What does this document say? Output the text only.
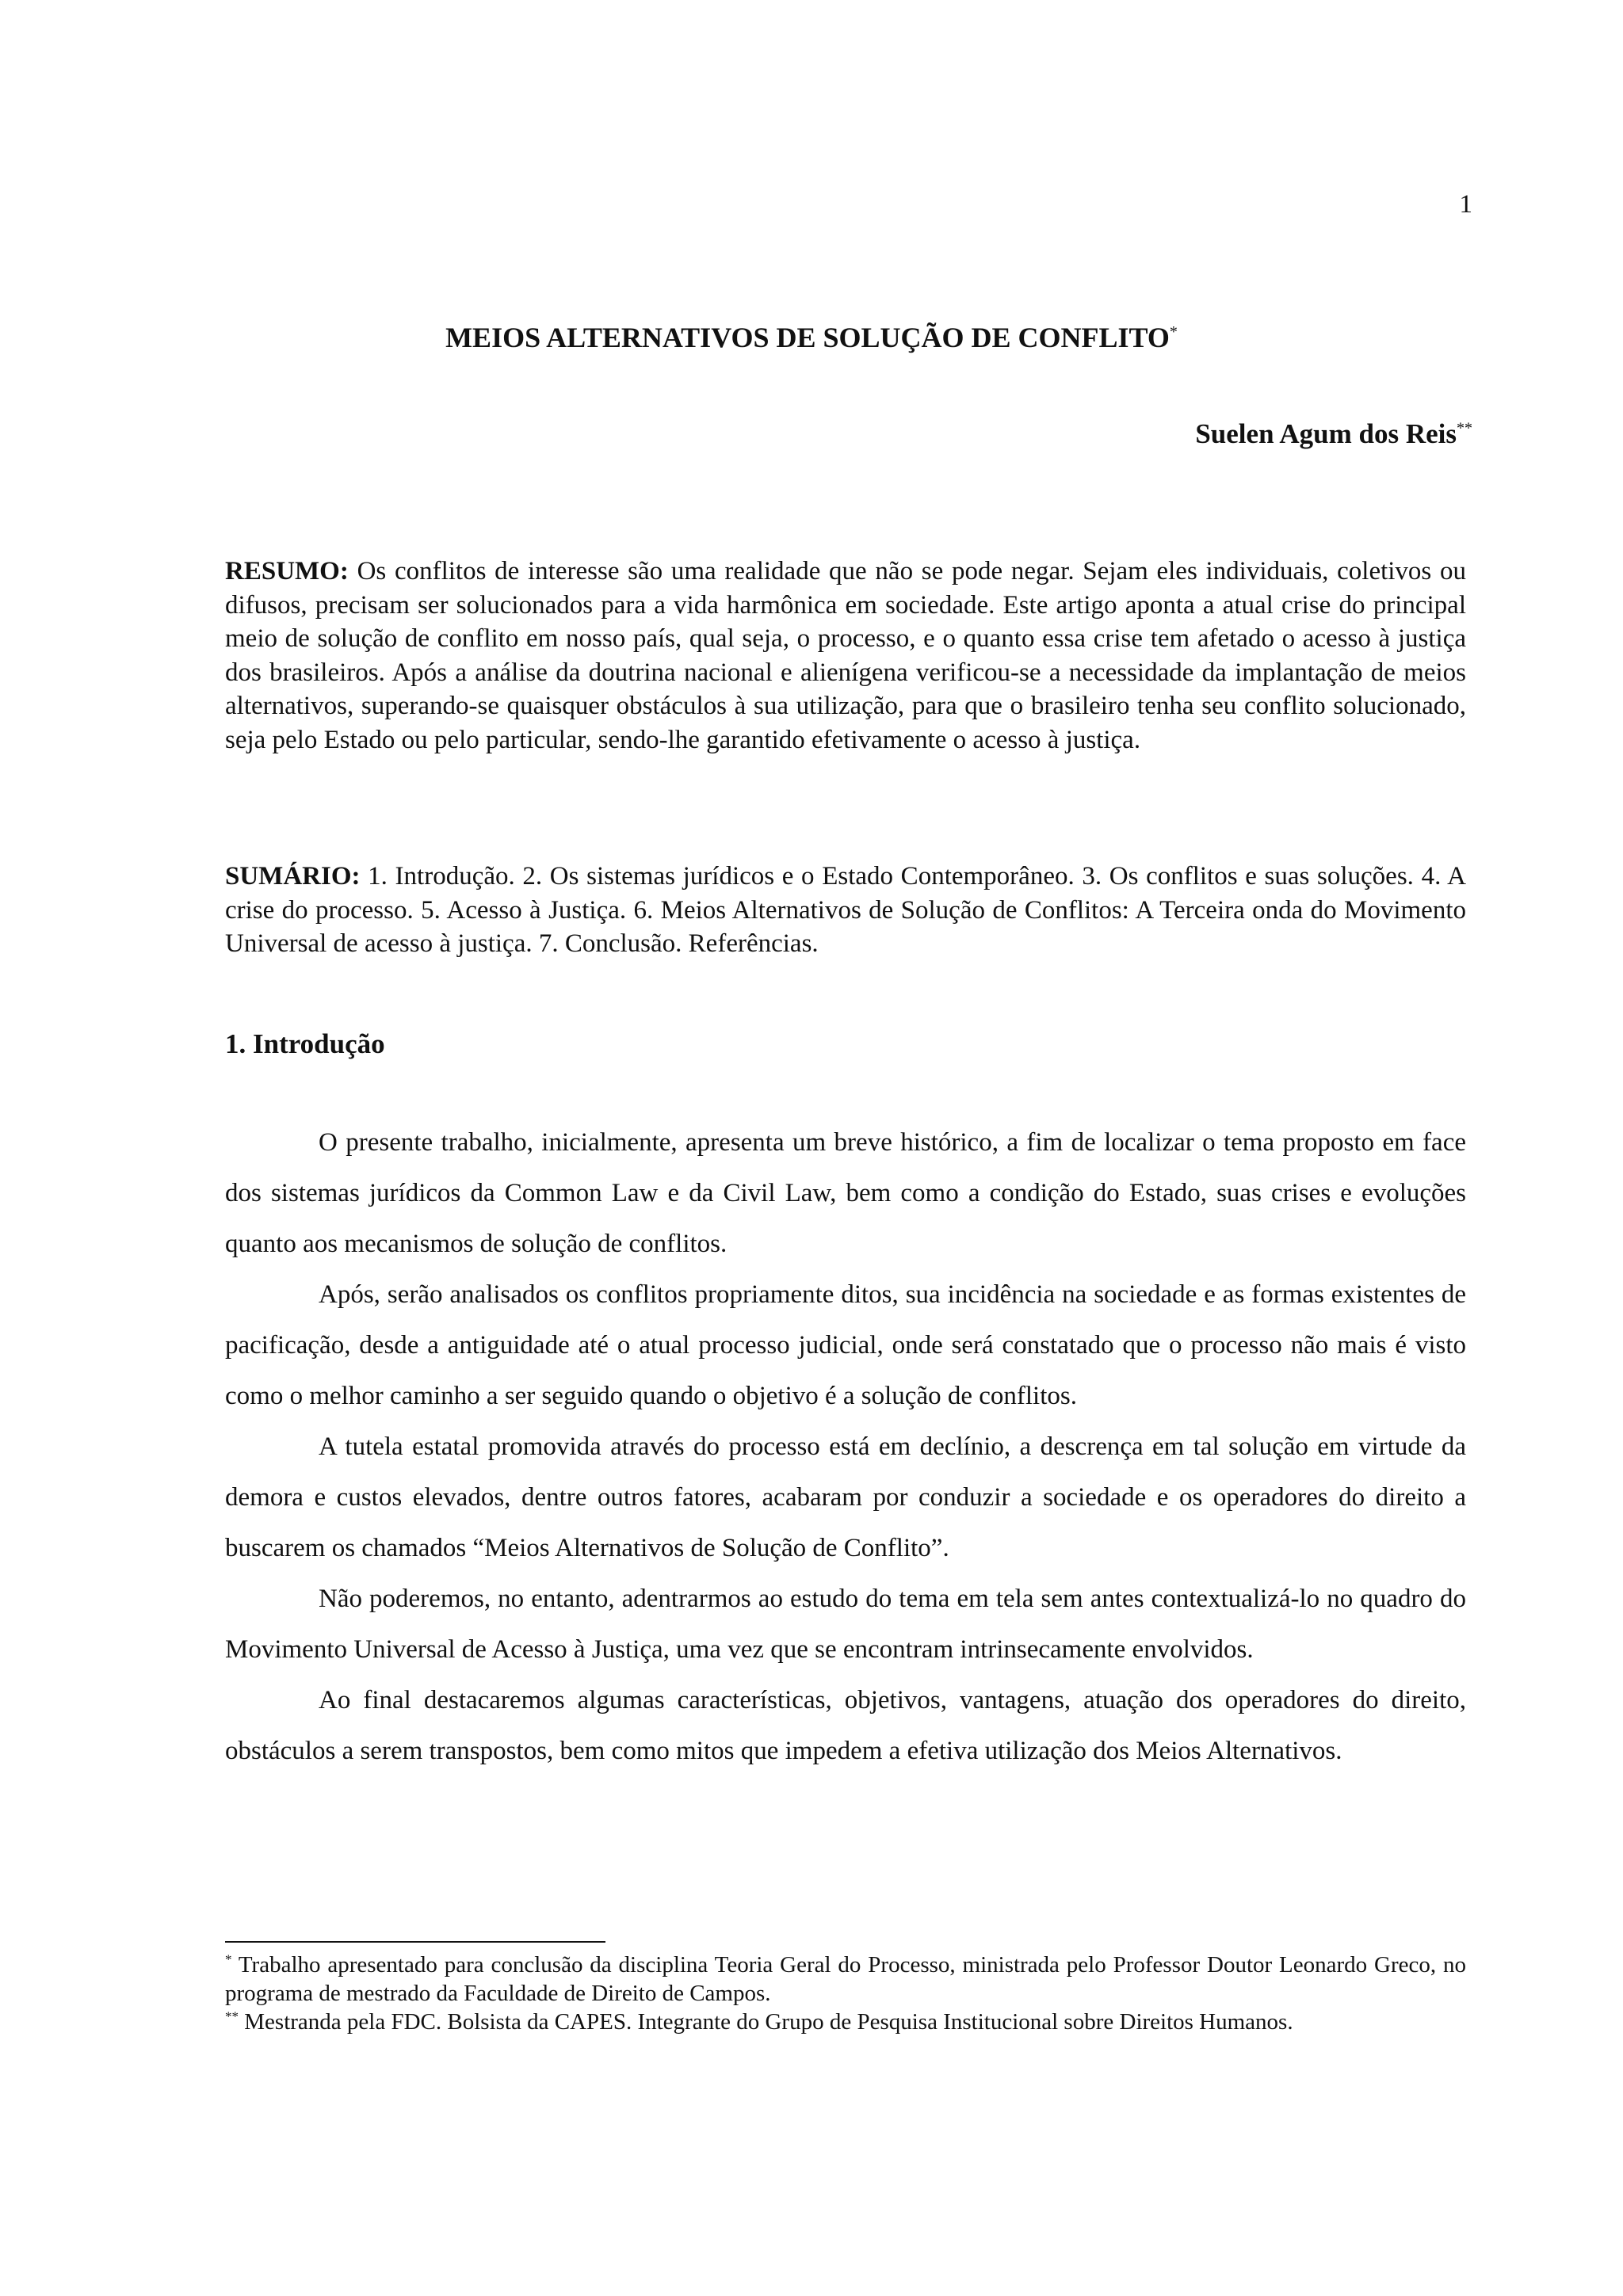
1
MEIOS ALTERNATIVOS DE SOLUÇÃO DE CONFLITO*
Suelen Agum dos Reis**
RESUMO: Os conflitos de interesse são uma realidade que não se pode negar. Sejam eles individuais, coletivos ou difusos, precisam ser solucionados para a vida harmônica em sociedade. Este artigo aponta a atual crise do principal meio de solução de conflito em nosso país, qual seja, o processo, e o quanto essa crise tem afetado o acesso à justiça dos brasileiros. Após a análise da doutrina nacional e alienígena verificou-se a necessidade da implantação de meios alternativos, superando-se quaisquer obstáculos à sua utilização, para que o brasileiro tenha seu conflito solucionado, seja pelo Estado ou pelo particular, sendo-lhe garantido efetivamente o acesso à justiça.
SUMÁRIO: 1. Introdução. 2. Os sistemas jurídicos e o Estado Contemporâneo. 3. Os conflitos e suas soluções. 4. A crise do processo. 5. Acesso à Justiça. 6. Meios Alternativos de Solução de Conflitos: A Terceira onda do Movimento Universal de acesso à justiça. 7. Conclusão. Referências.
1. Introdução

O presente trabalho, inicialmente, apresenta um breve histórico, a fim de localizar o tema proposto em face dos sistemas jurídicos da Common Law e da Civil Law, bem como a condição do Estado, suas crises e evoluções quanto aos mecanismos de solução de conflitos.

Após, serão analisados os conflitos propriamente ditos, sua incidência na sociedade e as formas existentes de pacificação, desde a antiguidade até o atual processo judicial, onde será constatado que o processo não mais é visto como o melhor caminho a ser seguido quando o objetivo é a solução de conflitos.

A tutela estatal promovida através do processo está em declínio, a descrença em tal solução em virtude da demora e custos elevados, dentre outros fatores, acabaram por conduzir a sociedade e os operadores do direito a buscarem os chamados “Meios Alternativos de Solução de Conflito”.

Não poderemos, no entanto, adentrarmos ao estudo do tema em tela sem antes contextualizá-lo no quadro do Movimento Universal de Acesso à Justiça, uma vez que se encontram intrinsecamente envolvidos.

Ao final destacaremos algumas características, objetivos, vantagens, atuação dos operadores do direito, obstáculos a serem transpostos, bem como mitos que impedem a efetiva utilização dos Meios Alternativos.

* Trabalho apresentado para conclusão da disciplina Teoria Geral do Processo, ministrada pelo Professor Doutor Leonardo Greco, no programa de mestrado da Faculdade de Direito de Campos.

** Mestranda pela FDC. Bolsista da CAPES. Integrante do Grupo de Pesquisa Institucional sobre Direitos Humanos.
